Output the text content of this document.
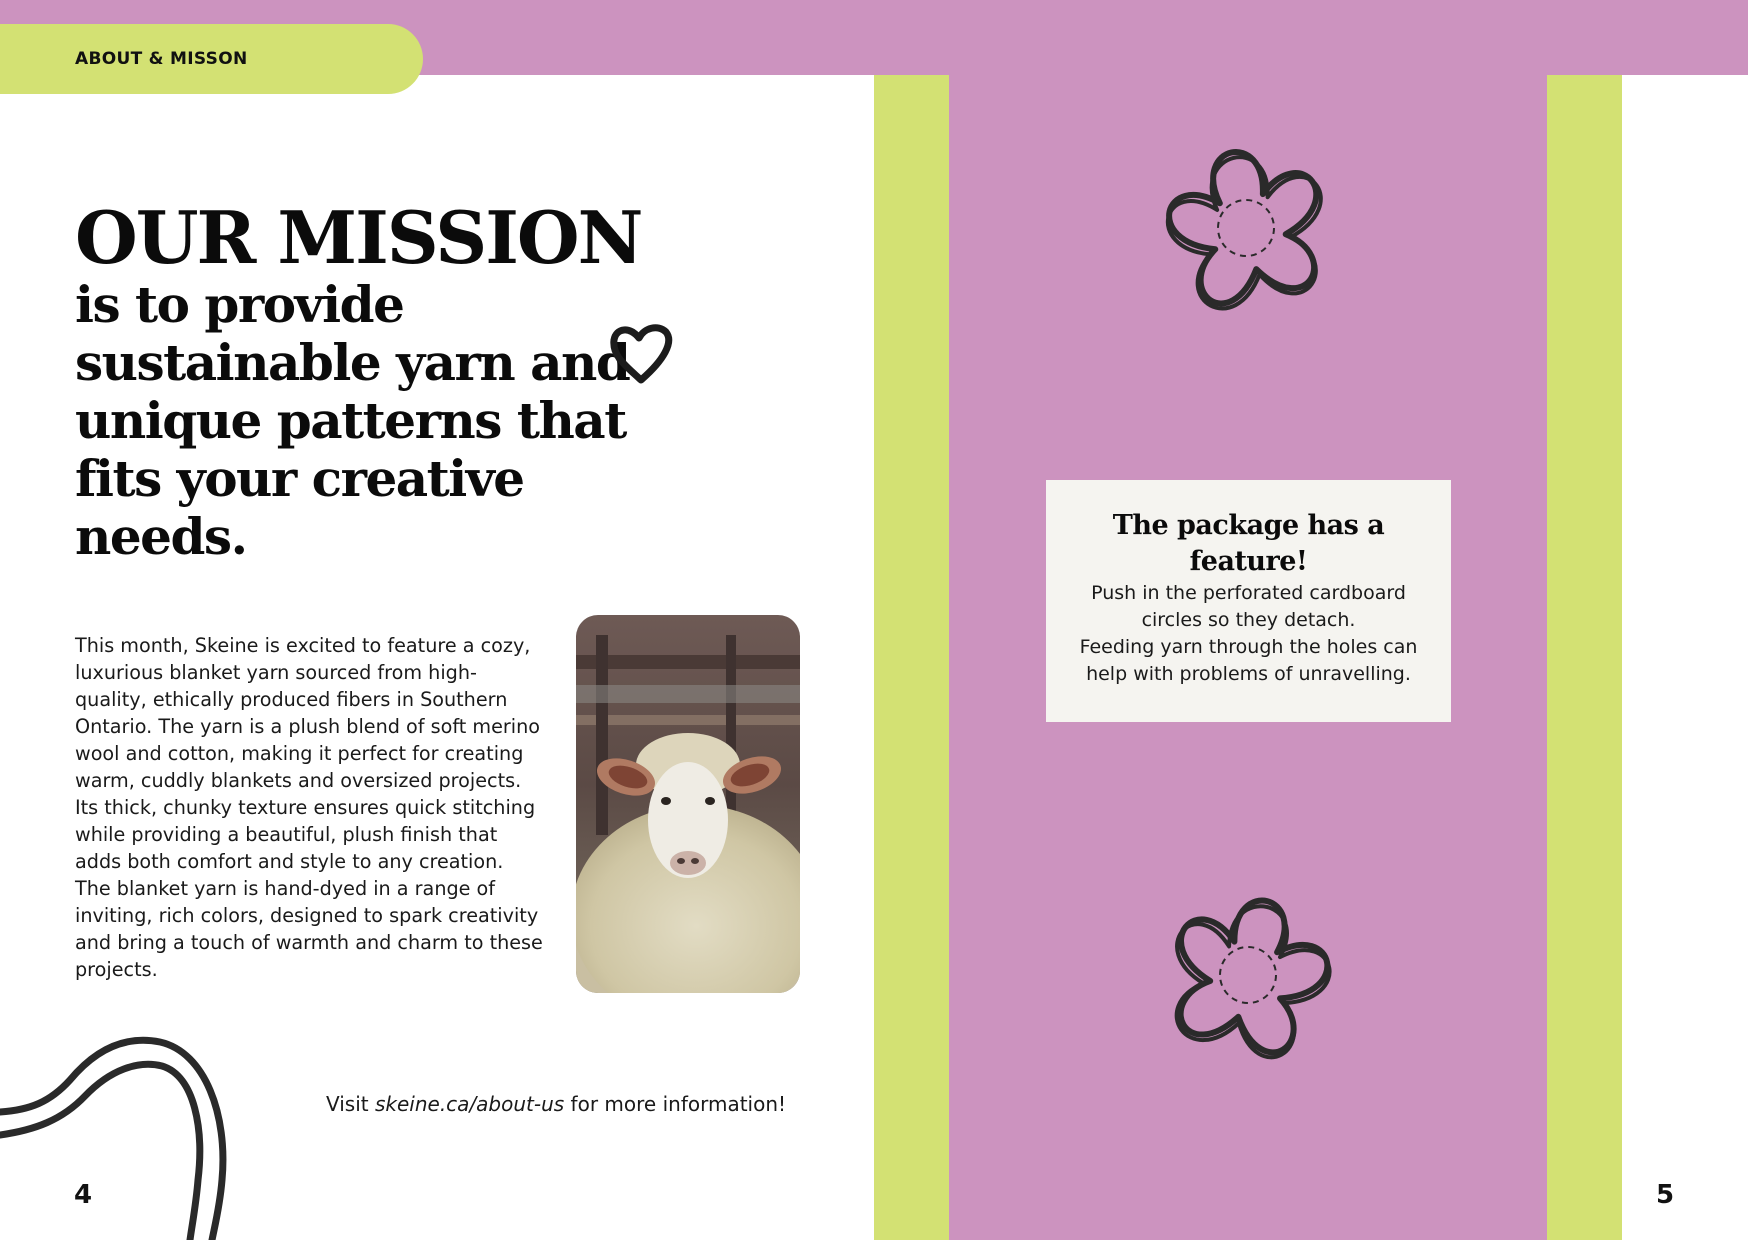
ABOUT & MISSON
OUR MISSION
is to provide sustainable yarn and unique patterns that fits your creative needs.
This month, Skeine is excited to feature a cozy, luxurious blanket yarn sourced from high-quality, ethically produced fibers in Southern Ontario. The yarn is a plush blend of soft merino wool and cotton, making it perfect for creating warm, cuddly blankets and oversized projects. Its thick, chunky texture ensures quick stitching while providing a beautiful, plush finish that adds both comfort and style to any creation. The blanket yarn is hand-dyed in a range of inviting, rich colors, designed to spark creativity and bring a touch of warmth and charm to these projects.
Visit skeine.ca/about-us for more information!
4	5
The package has a feature!
Push in the perforated cardboard circles so they detach.
Feeding yarn through the holes can help with problems of unravelling.
